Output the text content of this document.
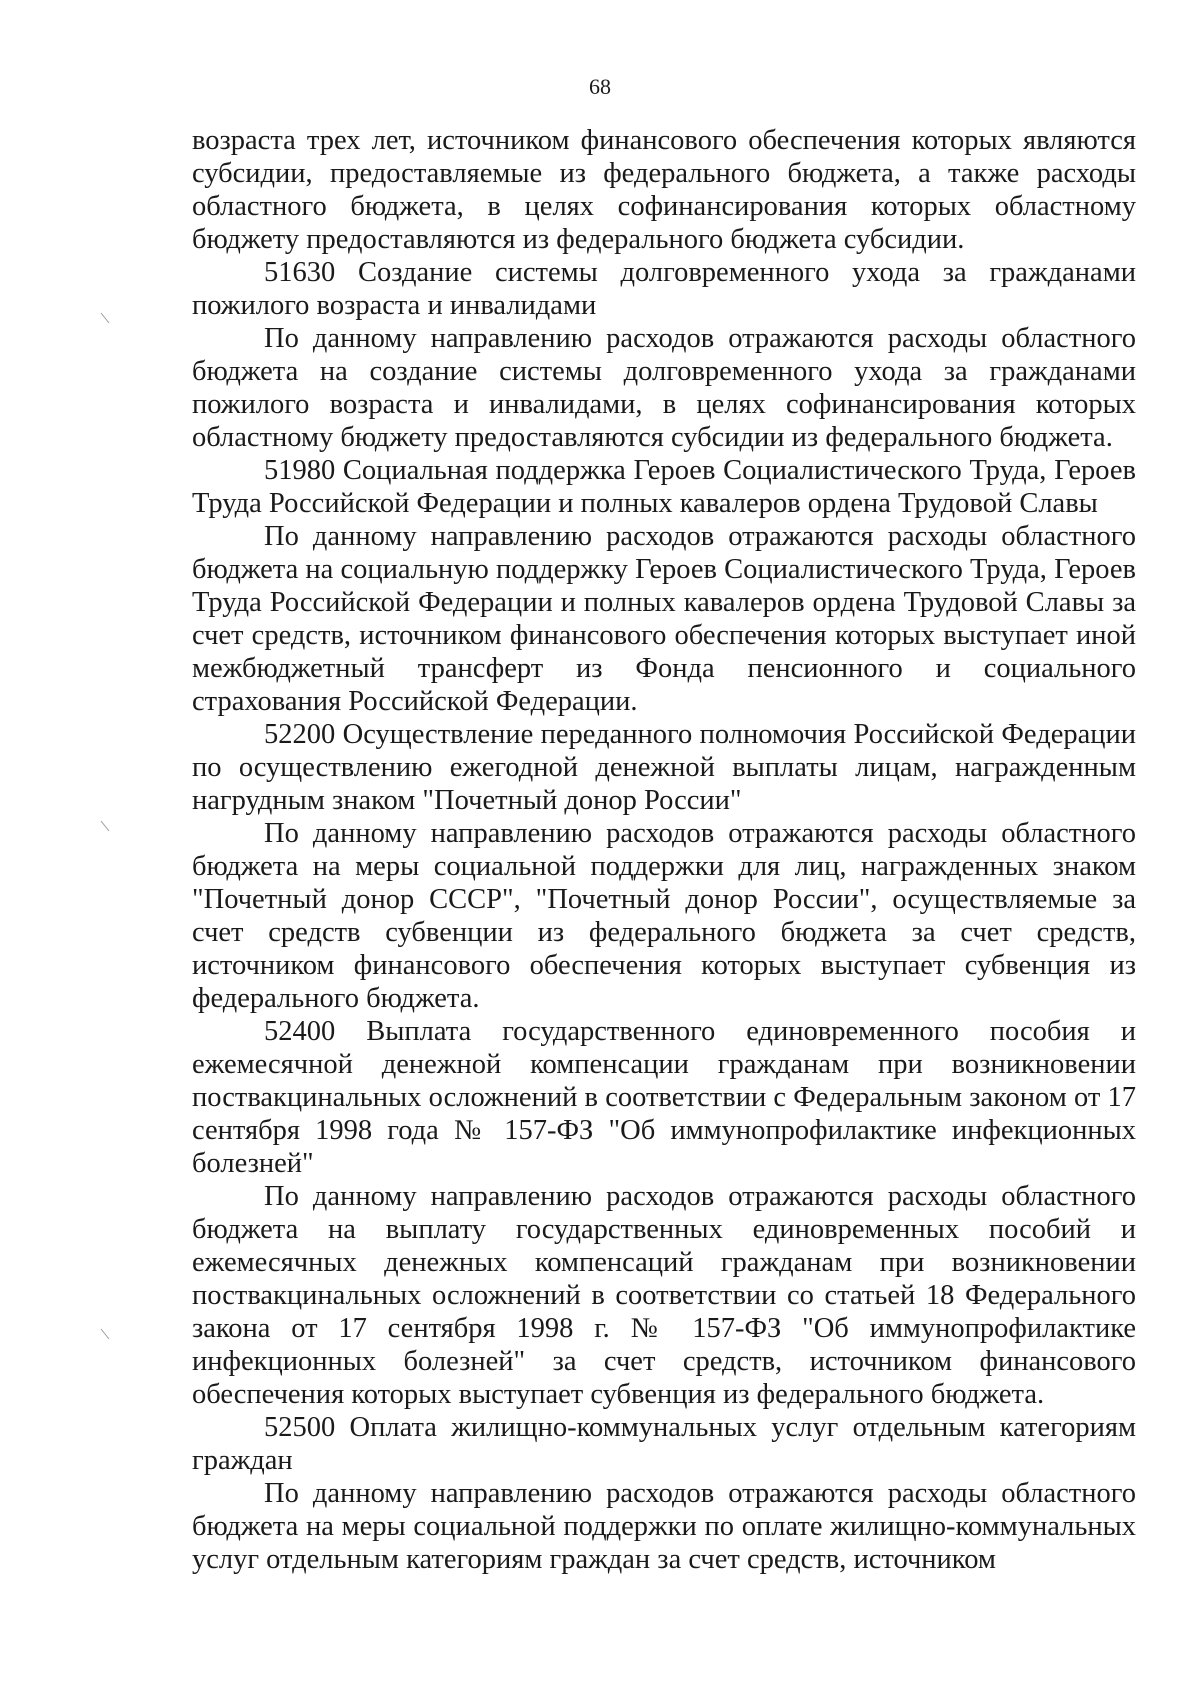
68

возраста трех лет, источником финансового обеспечения которых являются субсидии, предоставляемые из федерального бюджета, а также расходы областного бюджета, в целях софинансирования которых областному бюджету предоставляются из федерального бюджета субсидии.

51630 Создание системы долговременного ухода за гражданами пожилого возраста и инвалидами

По данному направлению расходов отражаются расходы областного бюджета на создание системы долговременного ухода за гражданами пожилого возраста и инвалидами, в целях софинансирования которых областному бюджету предоставляются субсидии из федерального бюджета.

51980 Социальная поддержка Героев Социалистического Труда, Героев Труда Российской Федерации и полных кавалеров ордена Трудовой Славы

По данному направлению расходов отражаются расходы областного бюджета на социальную поддержку Героев Социалистического Труда, Героев Труда Российской Федерации и полных кавалеров ордена Трудовой Славы за счет средств, источником финансового обеспечения которых выступает иной межбюджетный трансферт из Фонда пенсионного и социального страхования Российской Федерации.

52200 Осуществление переданного полномочия Российской Федерации по осуществлению ежегодной денежной выплаты лицам, награжденным нагрудным знаком "Почетный донор России"

По данному направлению расходов отражаются расходы областного бюджета на меры социальной поддержки для лиц, награжденных знаком "Почетный донор СССР", "Почетный донор России", осуществляемые за счет средств субвенции из федерального бюджета за счет средств, источником финансового обеспечения которых выступает субвенция из федерального бюджета.

52400 Выплата государственного единовременного пособия и ежемесячной денежной компенсации гражданам при возникновении поствакцинальных осложнений в соответствии с Федеральным законом от 17 сентября 1998 года № 157-ФЗ "Об иммунопрофилактике инфекционных болезней"

По данному направлению расходов отражаются расходы областного бюджета на выплату государственных единовременных пособий и ежемесячных денежных компенсаций гражданам при возникновении поствакцинальных осложнений в соответствии со статьей 18 Федерального закона от 17 сентября 1998 г. № 157-ФЗ "Об иммунопрофилактике инфекционных болезней" за счет средств, источником финансового обеспечения которых выступает субвенция из федерального бюджета.

52500 Оплата жилищно-коммунальных услуг отдельным категориям граждан

По данному направлению расходов отражаются расходы областного бюджета на меры социальной поддержки по оплате жилищно-коммунальных услуг отдельным категориям граждан за счет средств, источником
